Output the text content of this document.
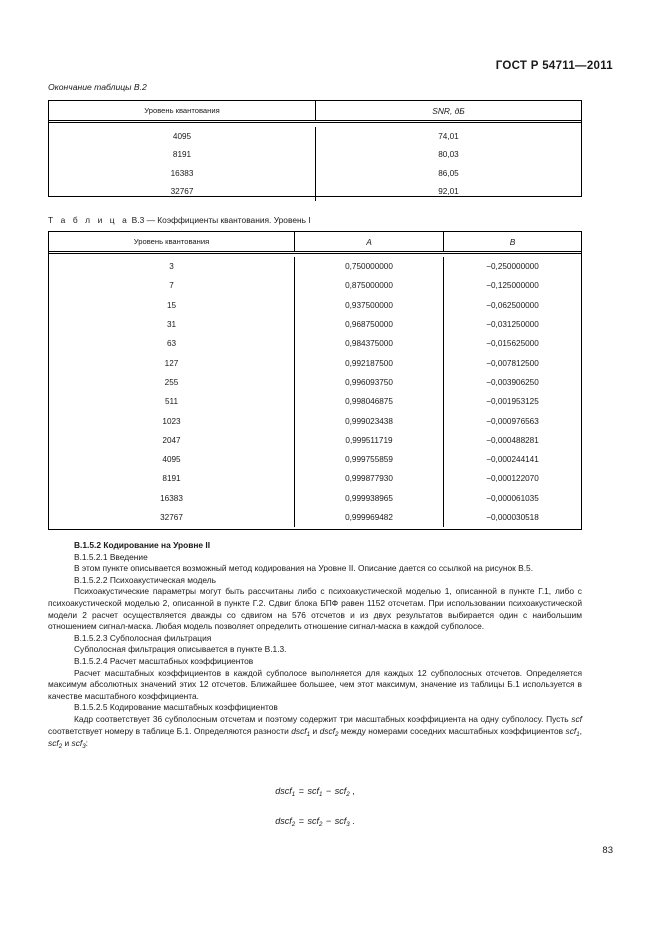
ГОСТ Р 54711—2011
Окончание таблицы В.2
Уровень квантования	SNR, дБ
4095	74,01
8191	80,03
16383	86,05
32767	92,01
Т а б л и ц а В.3 — Коэффициенты квантования. Уровень I
Уровень квантования	A	B
3	0,750000000	−0,250000000
7	0,875000000	−0,125000000
15	0,937500000	−0,062500000
31	0,968750000	−0,031250000
63	0,984375000	−0,015625000
127	0,992187500	−0,007812500
255	0,996093750	−0,003906250
511	0,998046875	−0,001953125
1023	0,999023438	−0,000976563
2047	0,999511719	−0,000488281
4095	0,999755859	−0,000244141
8191	0,999877930	−0,000122070
16383	0,999938965	−0,000061035
32767	0,999969482	−0,000030518

В.1.5.2 Кодирование на Уровне II

В.1.5.2.1 Введение

В этом пункте описывается возможный метод кодирования на Уровне II. Описание дается со ссылкой на рисунок В.5.

В.1.5.2.2 Психоакустическая модель

Психоакустические параметры могут быть рассчитаны либо с психоакустической моделью 1, описанной в пункте Г.1, либо с психоакустической моделью 2, описанной в пункте Г.2. Сдвиг блока БПФ равен 1152 отсчетам. При использовании психоакустической модели 2 расчет осуществляется дважды со сдвигом на 576 отсчетов и из двух результатов выбирается один с наибольшим отношением сигнал-маска. Любая модель позволяет определить отношение сигнал-маска в каждой субполосе.

В.1.5.2.3 Субполосная фильтрация

Субполосная фильтрация описывается в пункте В.1.3.

В.1.5.2.4 Расчет масштабных коэффициентов

Расчет масштабных коэффициентов в каждой субполосе выполняется для каждых 12 субполосных отсчетов. Определяется максимум абсолютных значений этих 12 отсчетов. Ближайшее большее, чем этот максимум, значение из таблицы Б.1 используется в качестве масштабного коэффициента.

В.1.5.2.5 Кодирование масштабных коэффициентов

Кадр соответствует 36 субполосным отсчетам и поэтому содержит три масштабных коэффициента на одну субполосу. Пусть scf соответствует номеру в таблице Б.1. Определяются разности dscf$_1$ и dscf$_2$ между номерами соседних масштабных коэффициентов scf$_1$, scf$_2$ и scf$_3$:

dscf$_1$ = scf$_1$ − scf$_2$ ,
dscf$_2$ = scf$_2$ − scf$_3$ .
83
